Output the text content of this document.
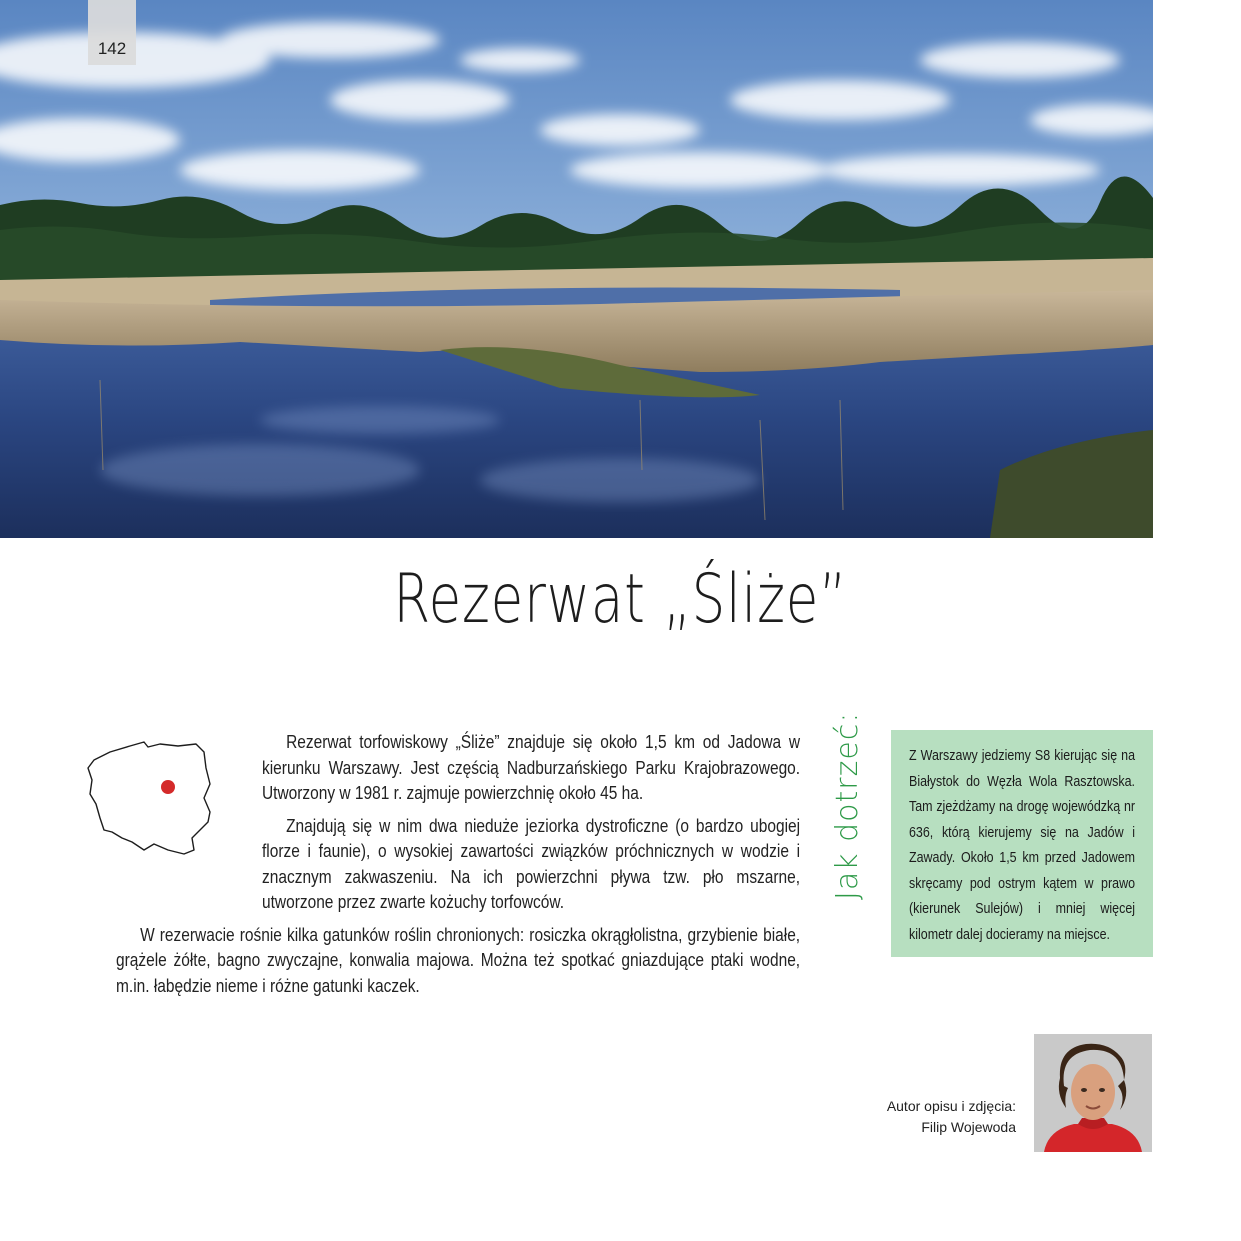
142
Rezerwat „Śliże”

Rezerwat torfowiskowy „Śliże” znajduje się około 1,5 km od Jadowa w kierunku Warszawy. Jest częścią Nadburzańskiego Parku Krajobrazowego. Utworzony w 1981 r. zajmuje powierzchnię około 45 ha.

Znajdują się w nim dwa nieduże jeziorka dystroficzne (o bardzo ubogiej florze i faunie), o wysokiej zawartości związków próchnicznych w wodzie i znacznym zakwaszeniu. Na ich powierzchni pływa tzw. pło mszarne, utworzone przez zwarte kożuchy torfowców.

W rezerwacie rośnie kilka gatunków roślin chronionych: rosiczka okrągłolistna, grzybienie białe, grążele żółte, bagno zwyczajne, konwalia majowa. Można też spotkać gniazdujące ptaki wodne, m.in. łabędzie nieme i różne gatunki kaczek.

Jak dotrzeć:	Z Warszawy jedziemy S8 kierując się na Białystok do Węzła Wola Rasztowska. Tam zjeżdżamy na drogę wojewódzką nr 636, którą kierujemy się na Jadów i Zawady. Około 1,5 km przed Jadowem skręcamy pod ostrym kątem w prawo (kierunek Sulejów) i mniej więcej kilometr dalej docieramy na miejsce.
Autor opisu i zdjęcia:
Filip Wojewoda
